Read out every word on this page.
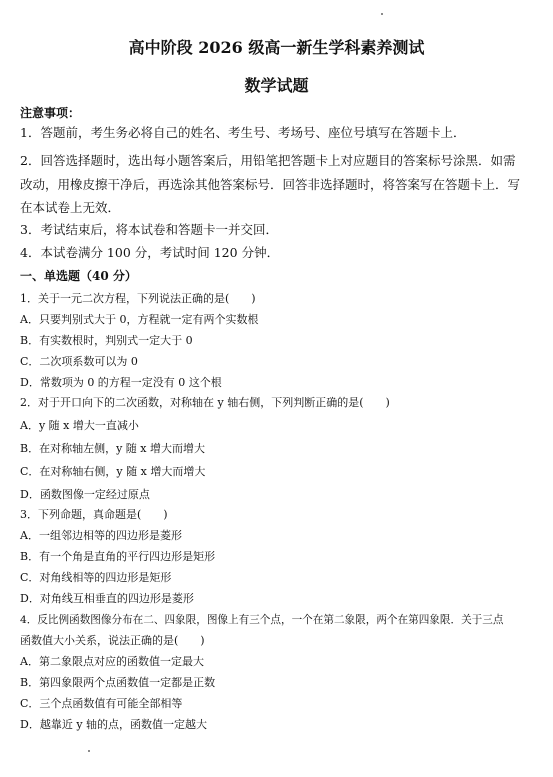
高中阶段 2026 级高一新生学科素养测试
数学试题
注意事项：
1．答题前，考生务必将自己的姓名、考生号、考场号、座位号填写在答题卡上．
2．回答选择题时，选出每小题答案后，用铅笔把答题卡上对应题目的答案标号涂黑．如需
改动，用橡皮擦干净后，再选涂其他答案标号．回答非选择题时，将答案写在答题卡上．写
在本试卷上无效．
3．考试结束后，将本试卷和答题卡一并交回．
4．本试卷满分 100 分，考试时间 120 分钟．
一、单选题（40 分）
1．关于一元二次方程，下列说法正确的是(　　)
A．只要判别式大于 0，方程就一定有两个实数根
B．有实数根时，判别式一定大于 0
C．二次项系数可以为 0
D．常数项为 0 的方程一定没有 0 这个根
2．对于开口向下的二次函数，对称轴在 y 轴右侧，下列判断正确的是(　　)
A．y 随 x 增大一直减小
B．在对称轴左侧，y 随 x 增大而增大
C．在对称轴右侧，y 随 x 增大而增大
D．函数图像一定经过原点
3．下列命题，真命题是(　　)
A．一组邻边相等的四边形是菱形
B．有一个角是直角的平行四边形是矩形
C．对角线相等的四边形是矩形
D．对角线互相垂直的四边形是菱形
4．反比例函数图像分布在二、四象限，图像上有三个点，一个在第二象限，两个在第四象限．关于三点
函数值大小关系，说法正确的是(　　)
A．第二象限点对应的函数值一定最大
B．第四象限两个点函数值一定都是正数
C．三个点函数值有可能全部相等
D．越靠近 y 轴的点，函数值一定越大
